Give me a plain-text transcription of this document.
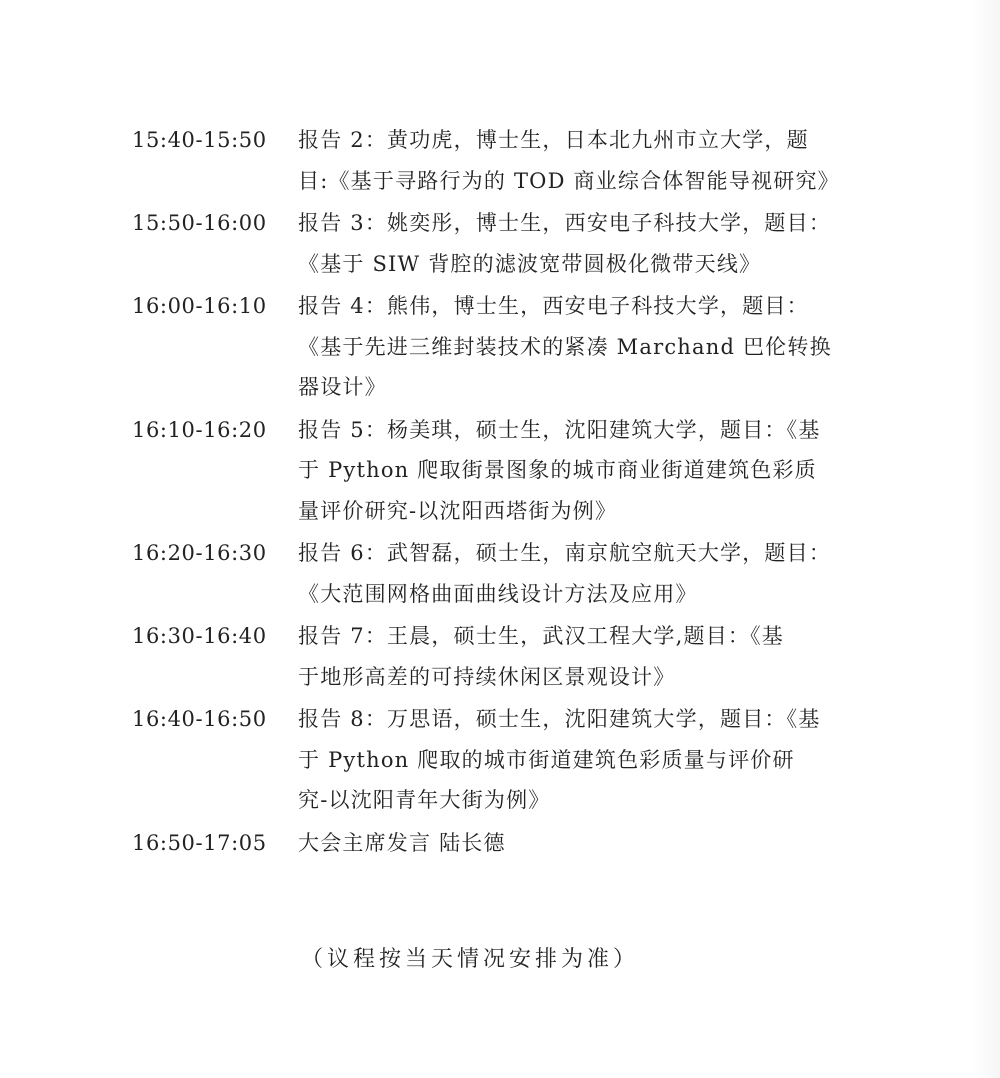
15:40-15:50	报告 2：黄功虎，博士生，日本北九州市立大学，题
目:《基于寻路行为的 TOD 商业综合体智能导视研究》
15:50-16:00	报告 3：姚奕彤，博士生，西安电子科技大学，题目：
《基于 SIW 背腔的滤波宽带圆极化微带天线》
16:00-16:10	报告 4：熊伟，博士生，西安电子科技大学，题目：
《基于先进三维封装技术的紧凑 Marchand 巴伦转换
器设计》
16:10-16:20	报告 5：杨美琪，硕士生，沈阳建筑大学，题目：《基
于 Python 爬取街景图象的城市商业街道建筑色彩质
量评价研究-以沈阳西塔街为例》
16:20-16:30	报告 6：武智磊，硕士生，南京航空航天大学，题目：
《大范围网格曲面曲线设计方法及应用》
16:30-16:40	报告 7：王晨，硕士生，武汉工程大学,题目：《基
于地形高差的可持续休闲区景观设计》
16:40-16:50	报告 8：万思语，硕士生，沈阳建筑大学，题目：《基
于 Python 爬取的城市街道建筑色彩质量与评价研
究-以沈阳青年大街为例》
16:50-17:05	大会主席发言 陆长德
（议程按当天情况安排为准）
